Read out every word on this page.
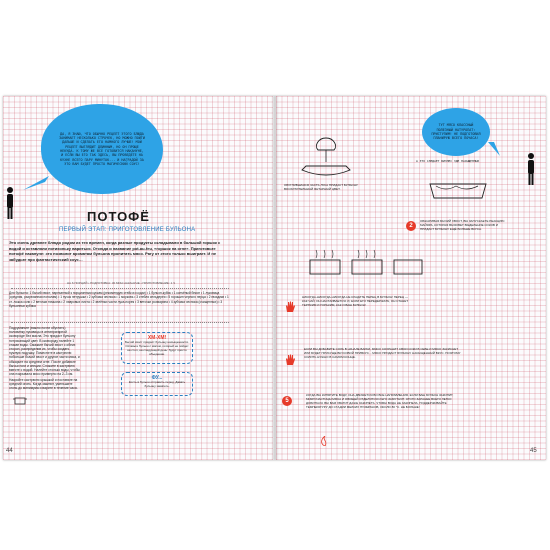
ДА, Я ЗНАЮ, ЧТО ОБЫЧНО РЕЦЕПТ ЭТОГО БЛЮДА ЗАНИМАЕТ НЕСКОЛЬКО СТРОЧЕК, НО МОЖНО ПОЙТИ ДАЛЬШЕ И СДЕЛАТЬ ЕГО НАМНОГО ЛУЧШЕ! МОЙ РЕЦЕПТ ВЫГЛЯДИТ ДЛИННЫМ, НО ОН ПРОЩЕ НЕКУДА. К ТОМУ ЖЕ ВСЁ ГОТОВИТСЯ НАКАНУНЕ, И ЕСЛИ ВЫ ЕГО ТАК ЗДЕСЬ, ВЫ ПРОВЕДЁТЕ НА КУХНЕ ВСЕГО ПАРУ МИНУТОК... И НАГРАДОЙ ЗА ЭТО ВАМ БУДЕТ ПРОСТО МАГИЧЕСКИЙ СОУС!
ПОТОФЁ
ПЕРВЫЙ ЭТАП: ПРИГОТОВЛЕНИЕ БУЛЬОНА
Это очень древнее блюдо родом из тех времен, когда разные продукты складывали в большой горшок с водой и оставляли потихоньку вариться. Отсюда и название pot-au-feu, «горшок на огне». Приготовьте потофё накануне: это позволит ароматам бульона пропитать мясо. Рагу от этого только выиграет. И не забудьте про фантастический соус…
НА 6 ПОРЦИЙ • ПОДГОТОВКА: 30 МИН НАКАНУНЕ • ПРИГОТОВЛЕНИЕ: 1 Ч
Для бульона: 1 бычий хвост, нарезанный к порционным кускам (рекомендую стейк из кодзи) • 1 бульон-кубик • 1 копчёный бекон • 1 луковица (средняя, разрезанная пополам) • 1 пучок петрушки • 2 зубчика чеснока • 1 морковь • 3 стебля сельдерея • 5 горошин черного перца • 2 гвоздики • 1 ст. ложка соли • 2 веточки тимьяна • 2 лавровых листа • 2 зелёных части лука-порея • 3 веточки розмарина • 4 зубчика чеснока (очищенных) • 3 бульонных кубика
Подрумяньте (важно почти обуглить) половинку луковицы в антипригарной сковороде без масла. Это придаст бульону потрясающий цвет. В сковороду налейте 1 стакан воды. Смажьте бычий хвост с обеих сторон, распределив их, чтобы создать нужную подушку. Поместите в кастрюлю побольше бычий хвост и другие части мяса, и обжарьте на среднем огне. После добавьте бычьи ноги и специи. Сложите в кастрюлю вместе с водой. Налейте столько воды, чтобы она покрывала мясо примерно на 2–3 см.
Накройте кастрюлю крышкой и поставьте на средний огонь. Когда закипит, уменьшите огонь до минимума и варите в течение часа.
ХМ-ХМ!
Бычий хвост придаст бульону насыщенности. Оставьте бульон с мясом, который не пойдет на стол, на следующий день: будут просто объедение.
ФУ...
Кость в бульон отправить перед, Давать бульону закипеть.
44
ТУТ МЯСО КЛАССНЫЙ ПОЛЕЗНЫЙ НАТУРОПАТ: ПРИСТУПИМ! НЕ ПОДГОТОВИЛ ПЛАНИРУЮ ВСЕГО ПОЧАСА!
ОБУГЛИВШАЯСЯ ЧАСТЬ ЛУКА ПРИДАСТ БУЛЬОНУ ВОСХИТИТЕЛЬНЫЙ ЯНТАРНЫЙ ЦВЕТ.
А ЭТО СЛЕДАЕТ БИЗНЕС ЗДЕ НАСЫЩЕННЫХ
2
ОБЖАРИВАЯ БЫЧИЙ ХВОСТ, ВЫ ЗАПУСКАЕТЕ РЕАКЦИЮ МАЙЯРА, КОТОРАЯ ВЫЗОВЕТ ВЫДЕЛЕНИЕ СОКОВ И ПРИДАСТ БУЛЬОНУ ЕЩЁ БОЛЬШЕ ВКУСА.
НИКОГДА-НИКОГДА-НИКОГДА НЕ КЛАДИТЕ ПЕРЕЦ В БУЛЬОН! ПЕРЕЦ — КАК ЧАЙ, ОН НАСТАИВАЕТСЯ. И, ЕСЛИ ЕГО ПЕРЕДЕРЖАТЬ, ОН СТАНЕТ ТЕРПКИМ И ГОРЬКИМ, КАК И ВАШ БУЛЬОН!
ЕСЛИ ВЫ ДОБАВИТЕ СОЛЬ В НАЧАЛЕ ВАРКИ, МЯСО СОХРАНИТ СВОИ СОКИ В СЕБЕ И МЯСО ЗАКИСНЕТ ИЛИ БУДЕТ ПРИСУЩЕ ВКУСОВОЙ ПРИВКУС... МЯСО ПРИДАСТ БУЛЬОНУ НАСЫЩЕННЫЙ ВКУС. ПОЭТОМУ СОЛИТЬ НУЖНО В САМОМ КОНЦЕ.
5
КОГДА ВЫ КИПЯТИТЕ ВОДУ, ОНА ДВИЖЕТСЯ ВО ВСЕ НАПРАВЛЕНИЯ. ЕСЛИ ВАШ БУЛЬОН ЗАКИПИТ, МИКРОЧАСТИЦЫ МЯСА И ОВОЩЕЙ ОТДЕЛЯТСЯ И ЕГО ЗАМУТНЯТ. ЭТОГО ЗАРАНЕЕ ВСЕГО ЛЕГКО ДОБИТЬСЯ. ВЫ ВАМ ХВАТИТ ДАЖЕ ЗАКИПЕТЬ. ЧТОБЫ ВОДА НЕ ЗАКИПЕЛА, ПОДДЕРЖИВАЙТЕ ТЕМПЕРАТУРУ ДО СТАДИИ МЕЛКИХ ПУЗЫРЬКОВ, ОКОЛО 80 °С. НЕ БОЛЬШЕ!
45
